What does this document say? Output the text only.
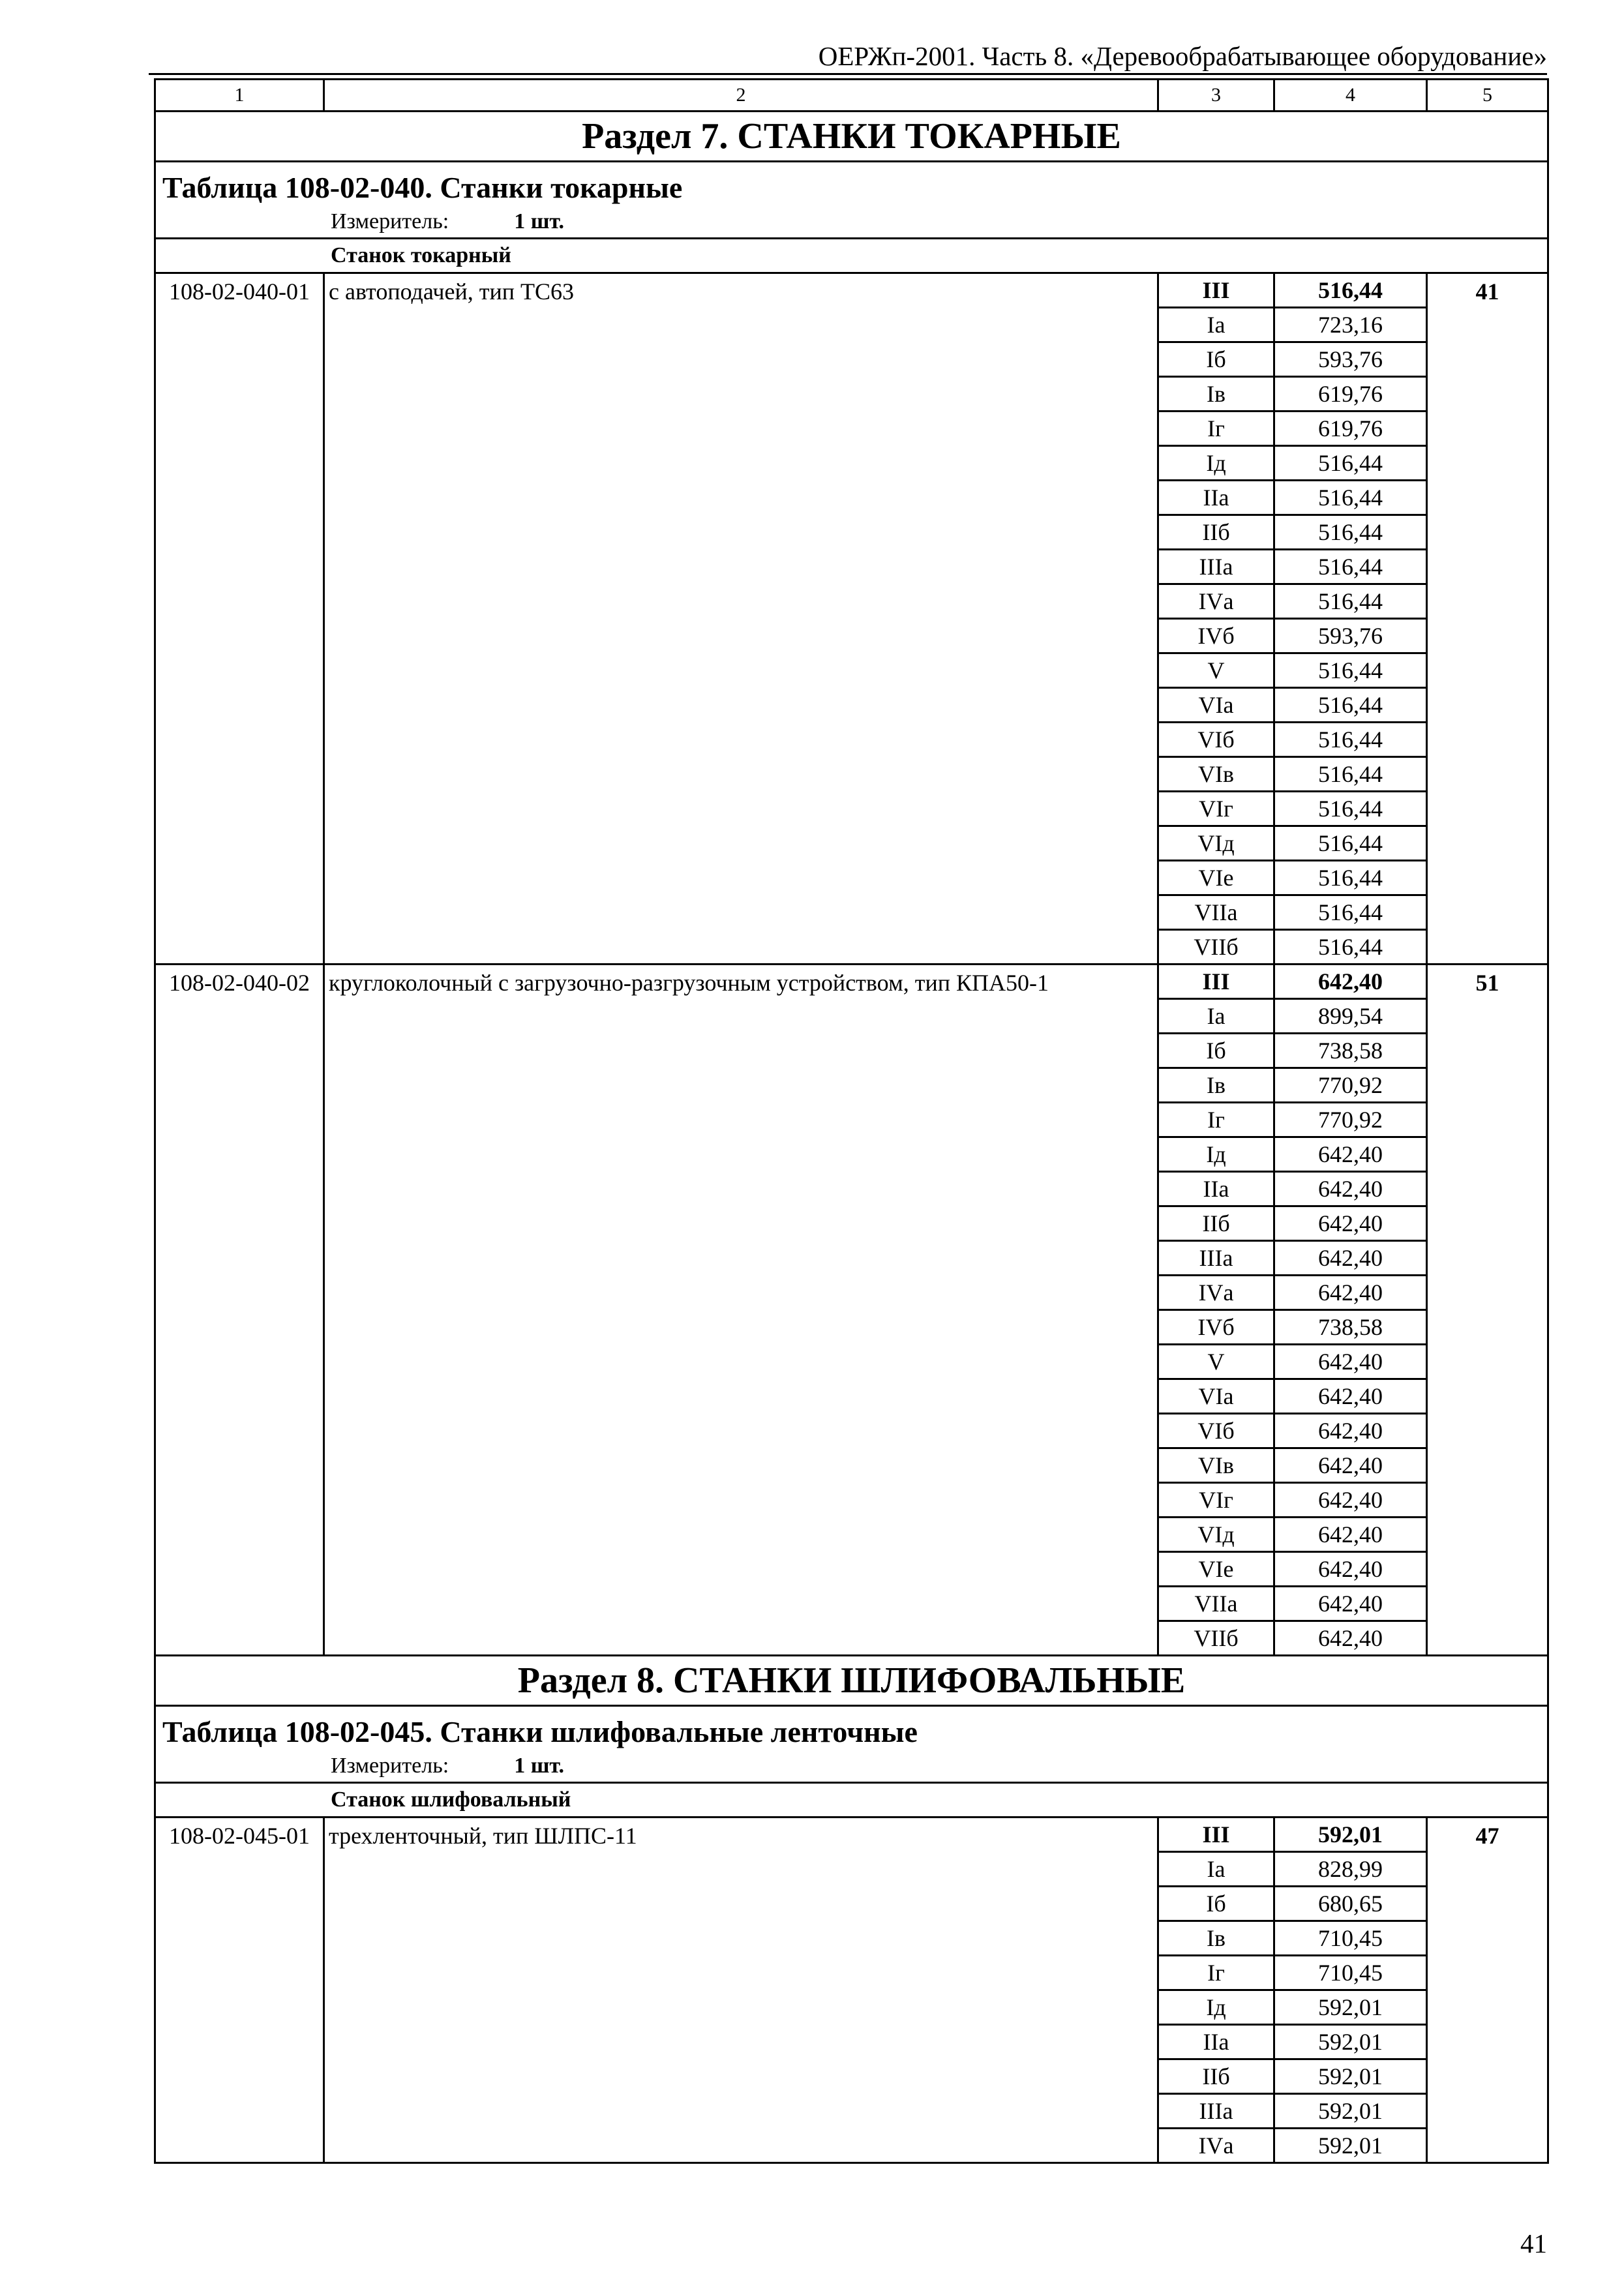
ОЕРЖп-2001. Часть 8. «Деревообрабатывающее оборудование»
1	2	3	4	5
Раздел 7. СТАНКИ ТОКАРНЫЕ				

Таблица 108-02-040. Станки токарные
Измеритель: 1 шт.				

Станок токарный				
108-02-040-01	с автоподачей, тип ТС63	III	516,44	41
		Iа	723,16	
		Iб	593,76	
		Iв	619,76	
		Iг	619,76	
		Iд	516,44	
		IIа	516,44	
		IIб	516,44	
		IIIа	516,44	
		IVа	516,44	
		IVб	593,76	
		V	516,44	
		VIа	516,44	
		VIб	516,44	
		VIв	516,44	
		VIг	516,44	
		VIд	516,44	
		VIе	516,44	
		VIIа	516,44	
		VIIб	516,44	
108-02-040-02	круглоколочный с загрузочно-разгрузочным устройством, тип КПА50-1	III	642,40	51
		Iа	899,54	
		Iб	738,58	
		Iв	770,92	
		Iг	770,92	
		Iд	642,40	
		IIа	642,40	
		IIб	642,40	
		IIIа	642,40	
		IVа	642,40	
		IVб	738,58	
		V	642,40	
		VIа	642,40	
		VIб	642,40	
		VIв	642,40	
		VIг	642,40	
		VIд	642,40	
		VIе	642,40	
		VIIа	642,40	
		VIIб	642,40	
Раздел 8. СТАНКИ ШЛИФОВАЛЬНЫЕ				

Таблица 108-02-045. Станки шлифовальные ленточные
Измеритель: 1 шт.				

Станок шлифовальный				
108-02-045-01	трехленточный, тип ШЛПС-11	III	592,01	47
		Iа	828,99	
		Iб	680,65	
		Iв	710,45	
		Iг	710,45	
		Iд	592,01	
		IIа	592,01	
		IIб	592,01	
		IIIа	592,01	
		IVа	592,01	
41
